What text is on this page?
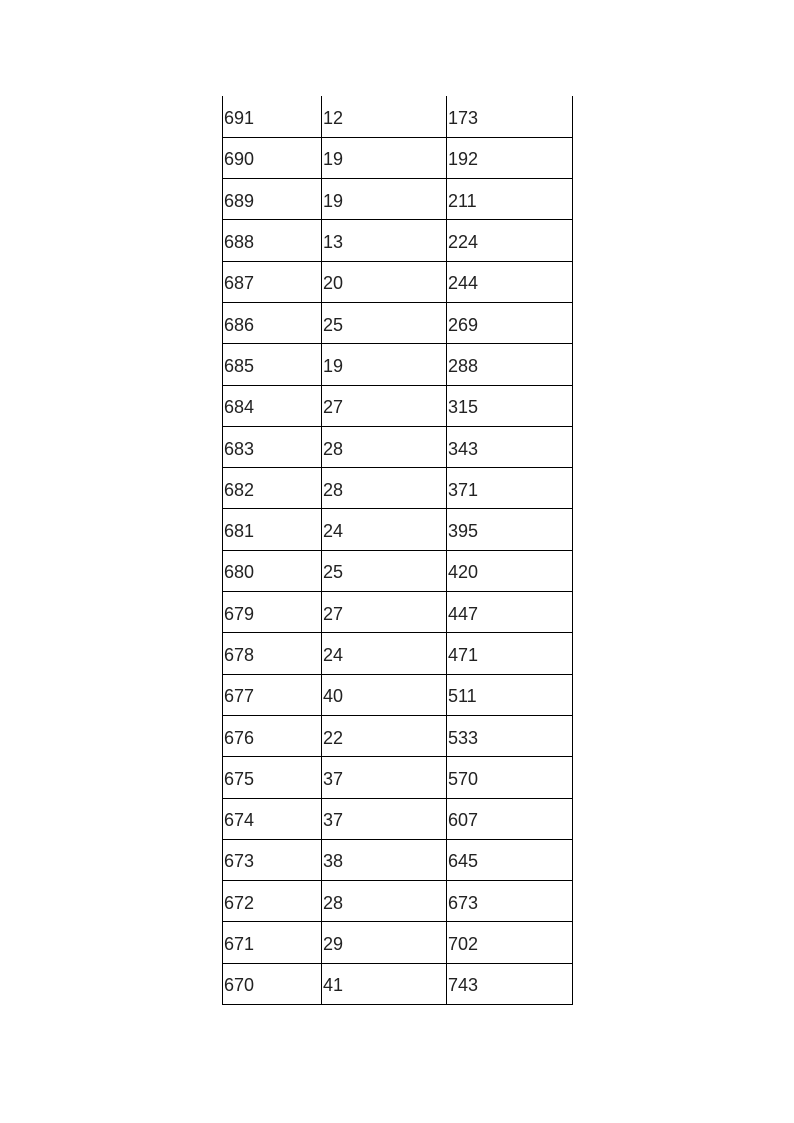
691	12	173
690	19	192
689	19	211
688	13	224
687	20	244
686	25	269
685	19	288
684	27	315
683	28	343
682	28	371
681	24	395
680	25	420
679	27	447
678	24	471
677	40	511
676	22	533
675	37	570
674	37	607
673	38	645
672	28	673
671	29	702
670	41	743
